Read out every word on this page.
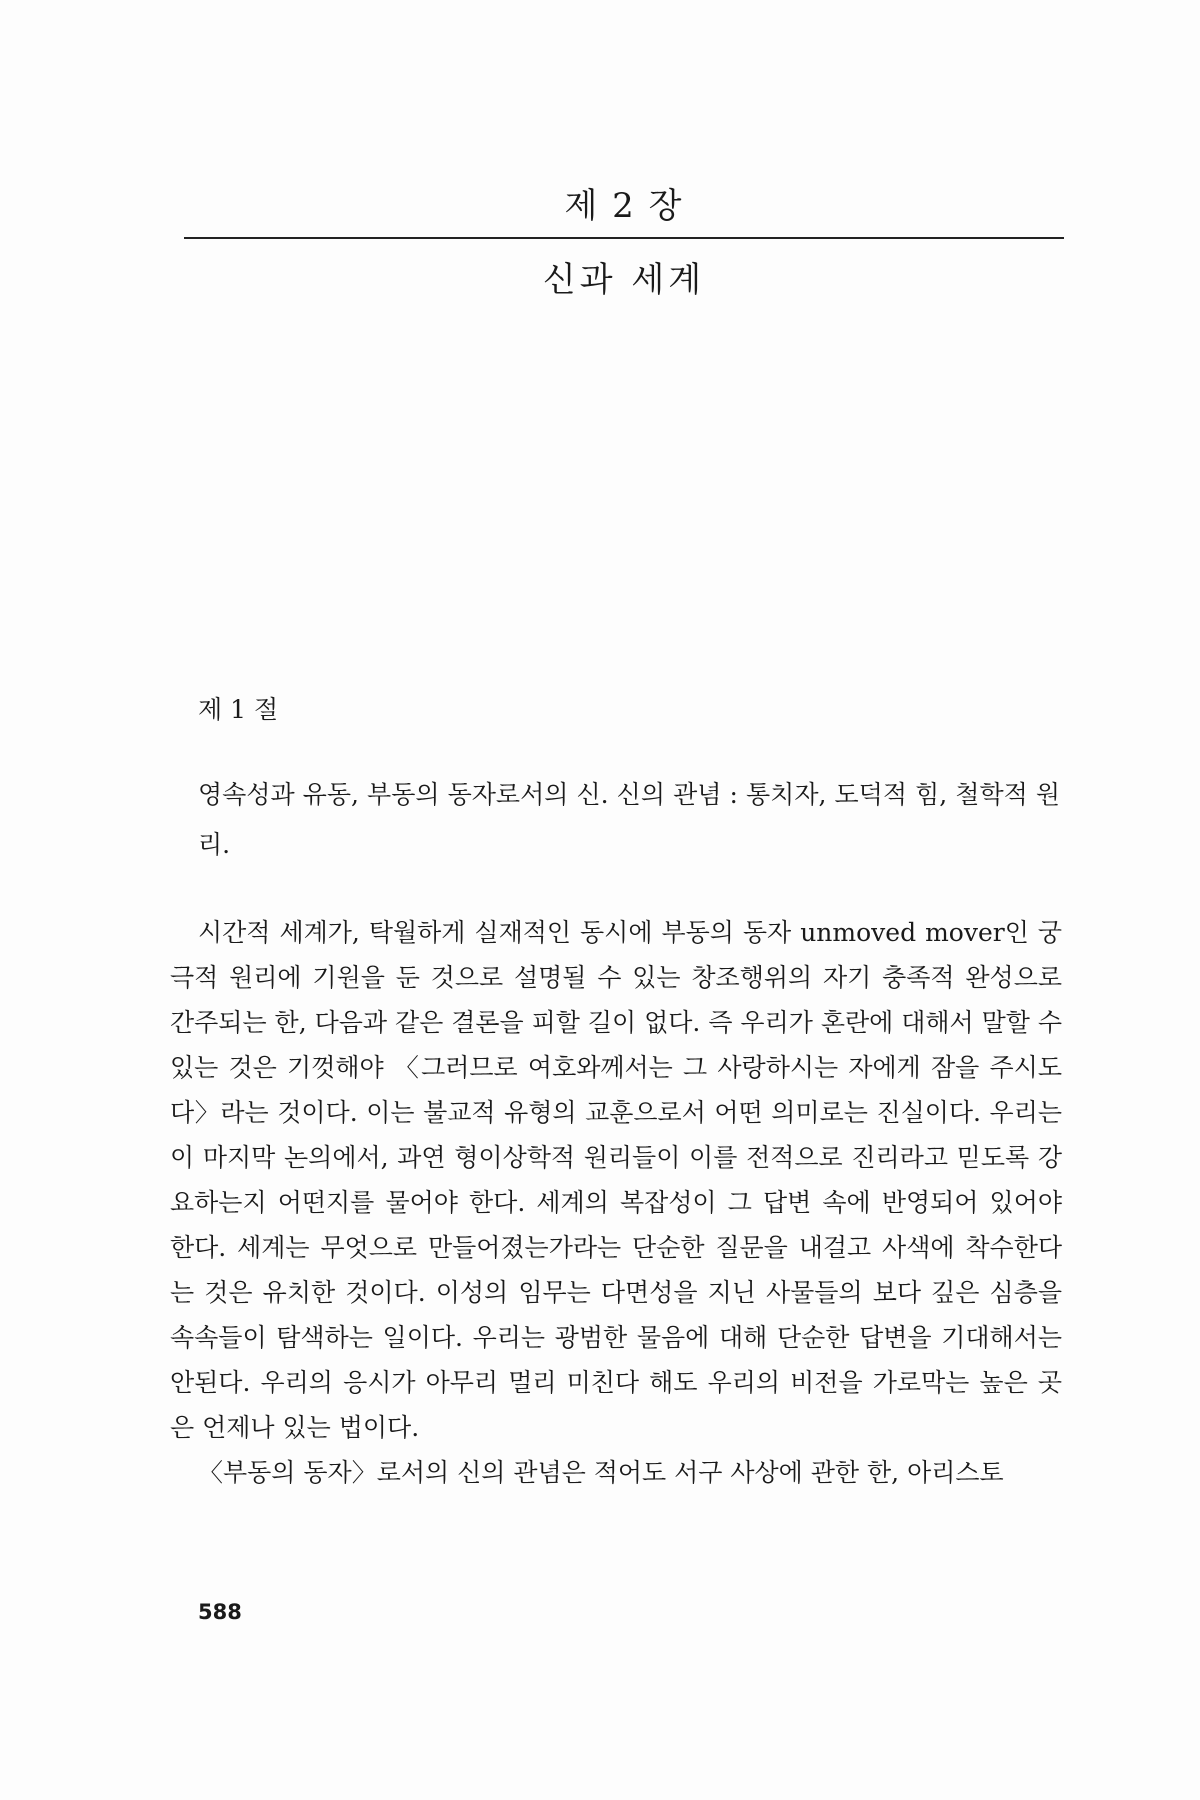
제 2 장
신과 세계
제 1 절

영속성과 유동, 부동의 동자로서의 신. 신의 관념 : 통치자, 도덕적 힘, 철학적 원리.

시간적 세계가, 탁월하게 실재적인 동시에 부동의 동자 unmoved mover인 궁극적 원리에 기원을 둔 것으로 설명될 수 있는 창조행위의 자기 충족적 완성으로 간주되는 한, 다음과 같은 결론을 피할 길이 없다. 즉 우리가 혼란에 대해서 말할 수 있는 것은 기껏해야 〈그러므로 여호와께서는 그 사랑하시는 자에게 잠을 주시도다〉라는 것이다. 이는 불교적 유형의 교훈으로서 어떤 의미로는 진실이다. 우리는 이 마지막 논의에서, 과연 형이상학적 원리들이 이를 전적으로 진리라고 믿도록 강요하는지 어떤지를 물어야 한다. 세계의 복잡성이 그 답변 속에 반영되어 있어야 한다. 세계는 무엇으로 만들어졌는가라는 단순한 질문을 내걸고 사색에 착수한다는 것은 유치한 것이다. 이성의 임무는 다면성을 지닌 사물들의 보다 깊은 심층을 속속들이 탐색하는 일이다. 우리는 광범한 물음에 대해 단순한 답변을 기대해서는 안된다. 우리의 응시가 아무리 멀리 미친다 해도 우리의 비전을 가로막는 높은 곳은 언제나 있는 법이다.

〈부동의 동자〉로서의 신의 관념은 적어도 서구 사상에 관한 한, 아리스토

588
